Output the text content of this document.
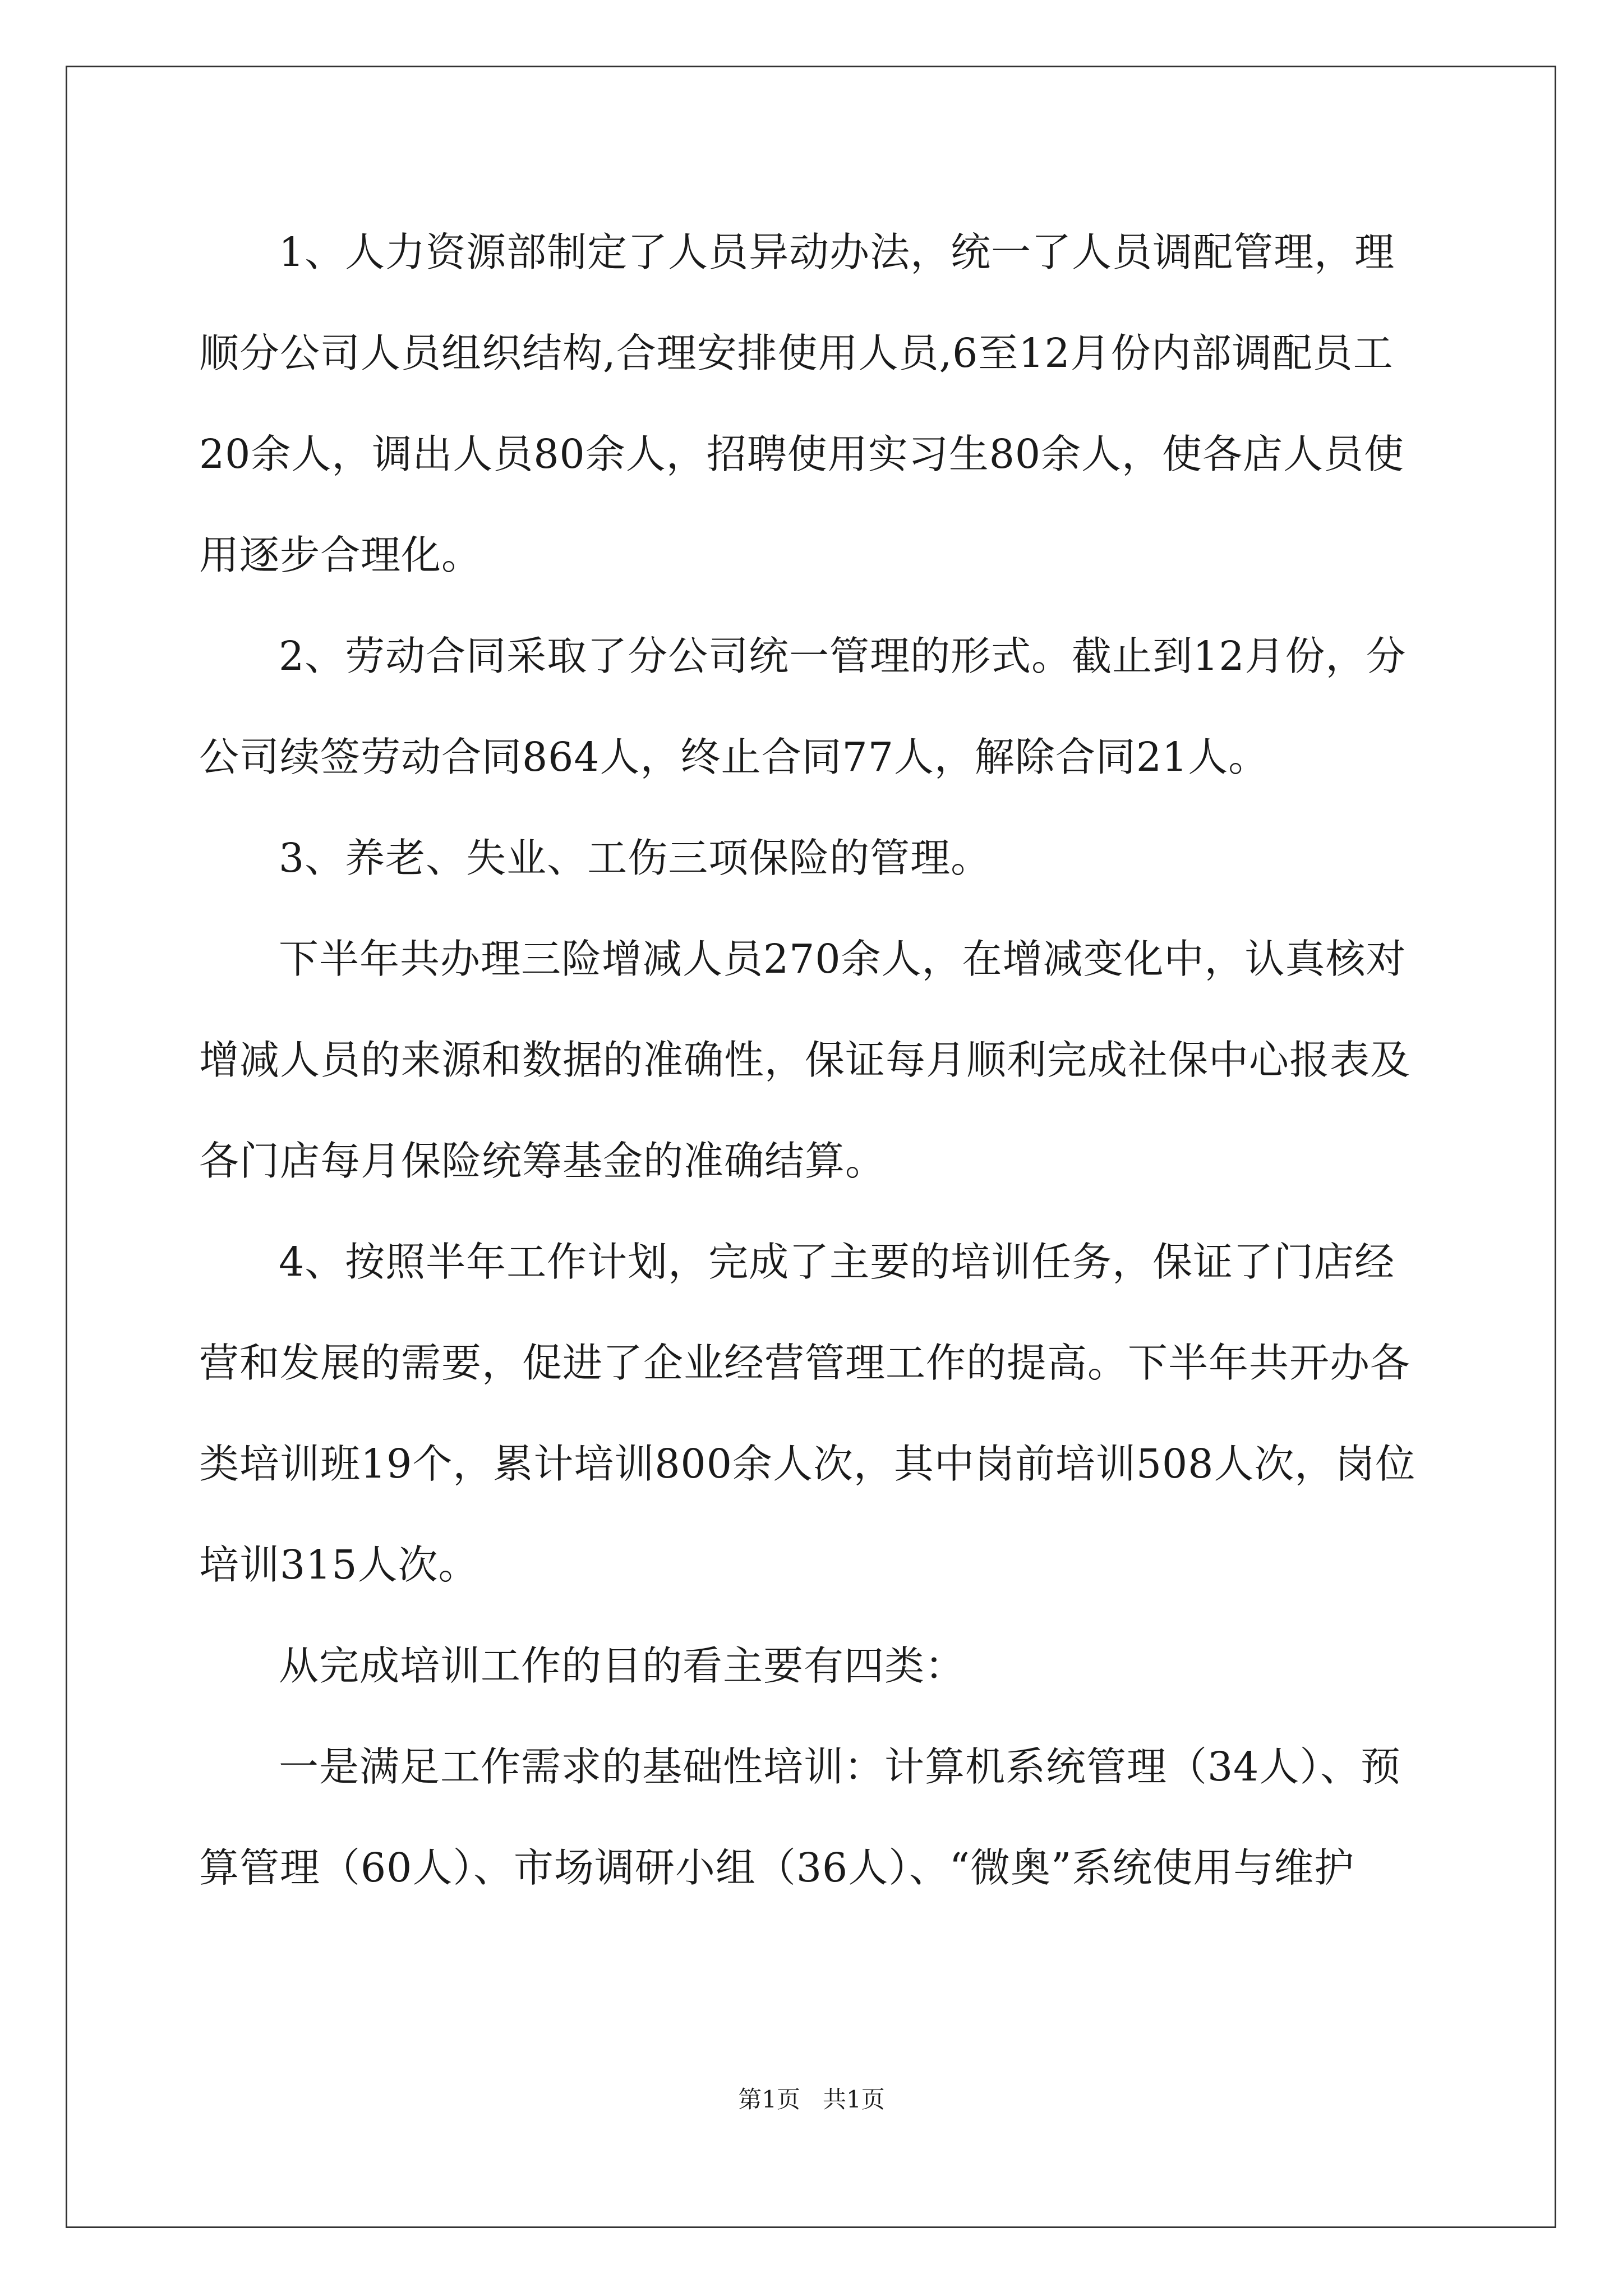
1、人力资源部制定了人员异动办法，统一了人员调配管理，理顺分公司人员组织结构,合理安排使用人员,6至12月份内部调配员工20余人，调出人员80余人，招聘使用实习生80余人，使各店人员使用逐步合理化。

2、劳动合同采取了分公司统一管理的形式。截止到12月份，分公司续签劳动合同864人，终止合同77人，解除合同21人。

3、养老、失业、工伤三项保险的管理。

下半年共办理三险增减人员270余人，在增减变化中，认真核对增减人员的来源和数据的准确性，保证每月顺利完成社保中心报表及各门店每月保险统筹基金的准确结算。

4、按照半年工作计划，完成了主要的培训任务，保证了门店经营和发展的需要，促进了企业经营管理工作的提高。下半年共开办各类培训班19个，累计培训800余人次，其中岗前培训508人次，岗位培训315人次。

从完成培训工作的目的看主要有四类：

一是满足工作需求的基础性培训：计算机系统管理（34人）、预算管理（60人）、市场调研小组（36人）、“微奥”系统使用与维护

第1页   共1页
